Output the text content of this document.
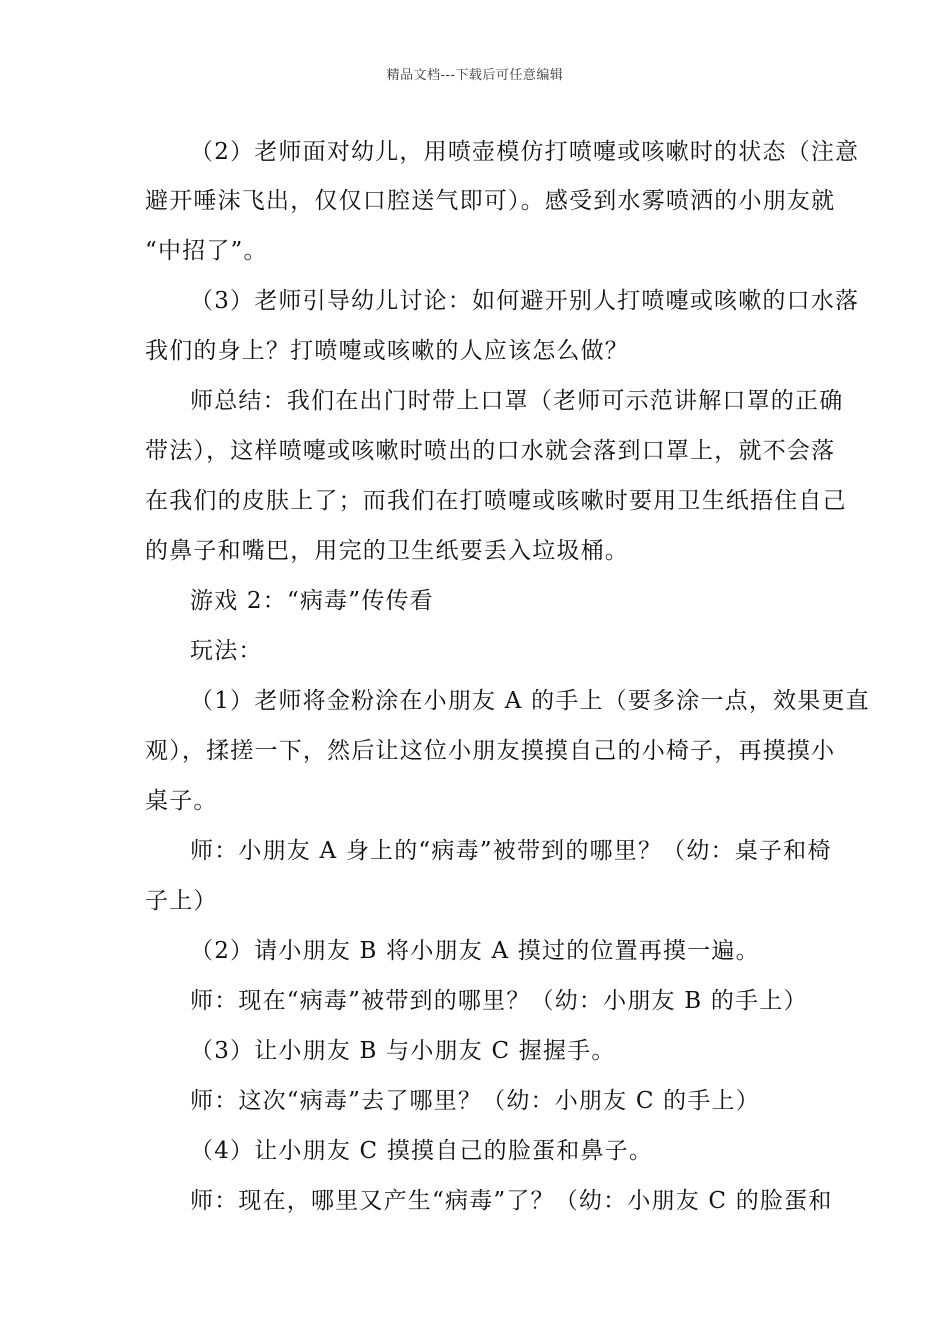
精品文档---下载后可任意编辑
（2）老师面对幼儿，用喷壶模仿打喷嚏或咳嗽时的状态（注意
避开唾沫飞出，仅仅口腔送气即可）。感受到水雾喷洒的小朋友就
“中招了”。
（3）老师引导幼儿讨论：如何避开别人打喷嚏或咳嗽的口水落
我们的身上？打喷嚏或咳嗽的人应该怎么做？
师总结：我们在出门时带上口罩（老师可示范讲解口罩的正确
带法），这样喷嚏或咳嗽时喷出的口水就会落到口罩上，就不会落
在我们的皮肤上了；而我们在打喷嚏或咳嗽时要用卫生纸捂住自己
的鼻子和嘴巴，用完的卫生纸要丢入垃圾桶。
游戏 2：“病毒”传传看
玩法：
（1）老师将金粉涂在小朋友 A 的手上（要多涂一点，效果更直
观），揉搓一下，然后让这位小朋友摸摸自己的小椅子，再摸摸小
桌子。
师：小朋友 A 身上的“病毒”被带到的哪里？（幼：桌子和椅
子上）
（2）请小朋友 B 将小朋友 A 摸过的位置再摸一遍。
师：现在“病毒”被带到的哪里？（幼：小朋友 B 的手上）
（3）让小朋友 B 与小朋友 C 握握手。
师：这次“病毒”去了哪里？（幼：小朋友 C 的手上）
（4）让小朋友 C 摸摸自己的脸蛋和鼻子。
师：现在，哪里又产生“病毒”了？（幼：小朋友 C 的脸蛋和
